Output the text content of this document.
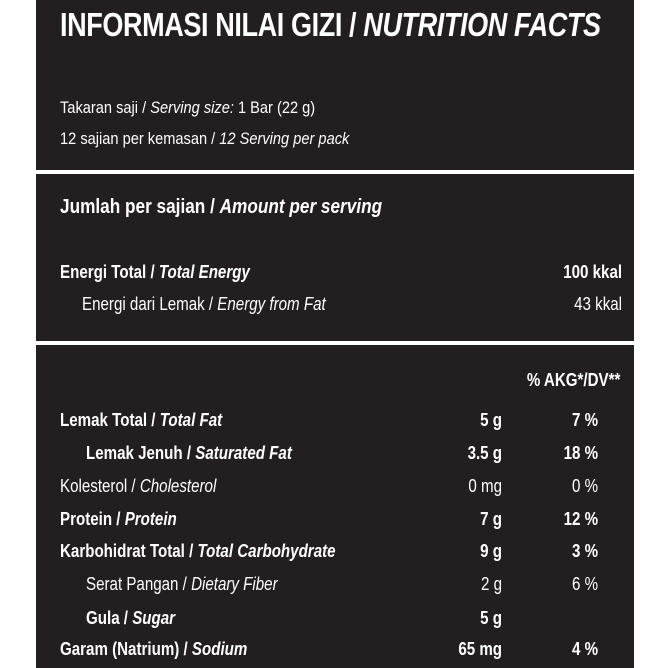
INFORMASI NILAI GIZI / NUTRITION FACTS
Takaran saji / Serving size: 1 Bar (22 g)
12 sajian per kemasan / 12 Serving per pack
Jumlah per sajian / Amount per serving
Energi Total / Total Energy	100 kkal
Energi dari Lemak / Energy from Fat	43 kkal
% AKG*/DV**
Lemak Total / Total Fat	5 g	7 %
Lemak Jenuh / Saturated Fat	3.5 g	18 %
Kolesterol / Cholesterol	0 mg	0 %
Protein / Protein	7 g	12 %
Karbohidrat Total / Total Carbohydrate	9 g	3 %
Serat Pangan / Dietary Fiber	2 g	6 %
Gula / Sugar	5 g
Garam (Natrium) / Sodium	65 mg	4 %
